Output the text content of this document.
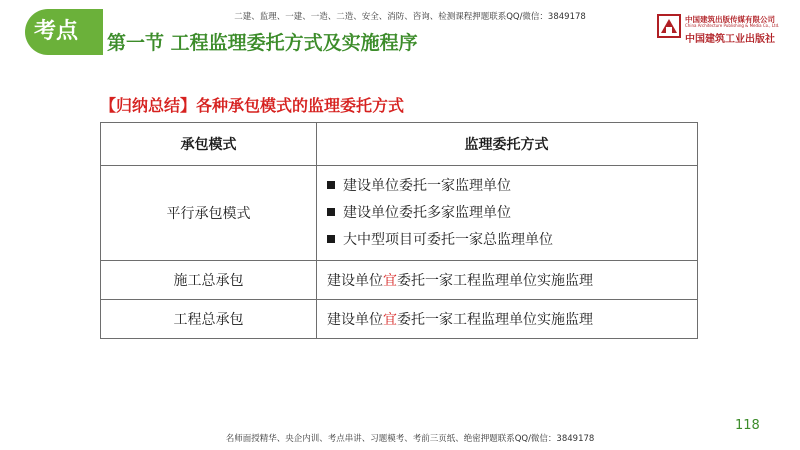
考点
二建、监理、一建、一造、二造、安全、消防、咨询、检测课程押题联系QQ/微信：3849178
第一节 工程监理委托方式及实施程序
中国建筑出版传媒有限公司
China Architecture Publishing & Media Co., Ltd.
中国建筑工业出版社
【归纳总结】各种承包模式的监理委托方式
承包模式	监理委托方式
平行承包模式	建设单位委托一家监理单位
建设单位委托多家监理单位
大中型项目可委托一家总监理单位

施工总承包	建设单位宜委托一家工程监理单位实施监理
工程总承包	建设单位宜委托一家工程监理单位实施监理
118
名师面授精华、央企内训、考点串讲、习题模考、考前三页纸、绝密押题联系QQ/微信：3849178
